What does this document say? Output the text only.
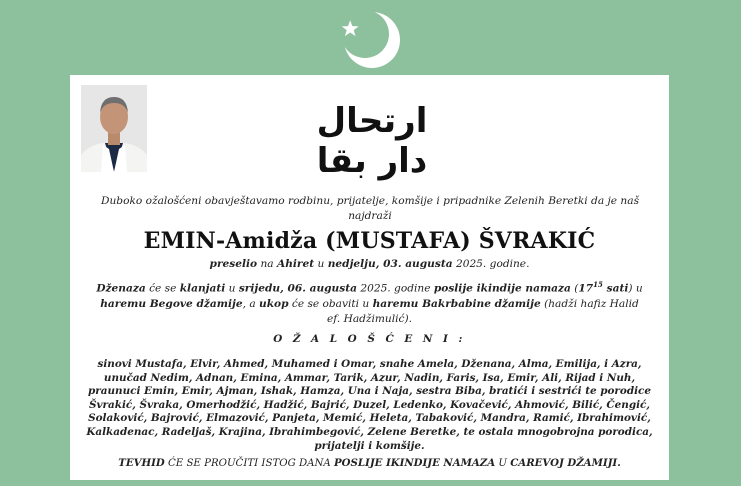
ارتحال دار بقا
Duboko ožalošćeni obavještavamo rodbinu, prijatelje, komšije i pripadnike Zelenih Beretki da je naš najdraži
EMIN-Amidža (MUSTAFA) ŠVRAKIĆ
preselio na Ahiret u nedjelju, 03. augusta 2025. godine.
Dženaza će se klanjati u srijedu, 06. augusta 2025. godine poslije ikindije namaza ($17^{15}$ sati) u haremu Begove džamije, a ukop će se obaviti u haremu Bakrbabine džamije (hadži hafiz Halid ef. Hadžimulić).
O Ž A L O Š Ć E N I :
sinovi Mustafa, Elvir, Ahmed, Muhamed i Omar, snahe Amela, Dženana, Alma, Emilija, i Azra, unučad Nedim, Adnan, Emina, Ammar, Tarik, Azur, Nadin, Faris, Isa, Emir, Ali, Rijad i Nuh, praunuci Emin, Emir, Ajman, Ishak, Hamza, Una i Naja, sestra Biba, bratići i sestrići te porodice Švrakić, Švraka, Omerhodžić, Hadžić, Bajrić, Duzel, Ledenko, Kovačević, Ahmović, Bilić, Čengić, Solaković, Bajrović, Elmazović, Panjeta, Memić, Heleta, Tabaković, Mandra, Ramić, Ibrahimović, Kalkadenac, Radeljaš, Krajina, Ibrahimbegović, Zelene Beretke, te ostala mnogobrojna porodica, prijatelji i komšije.
TEVHID ĆE SE PROUČITI ISTOG DANA POSLIJE IKINDIJE NAMAZA U CAREVOJ DŽAMIJI.
